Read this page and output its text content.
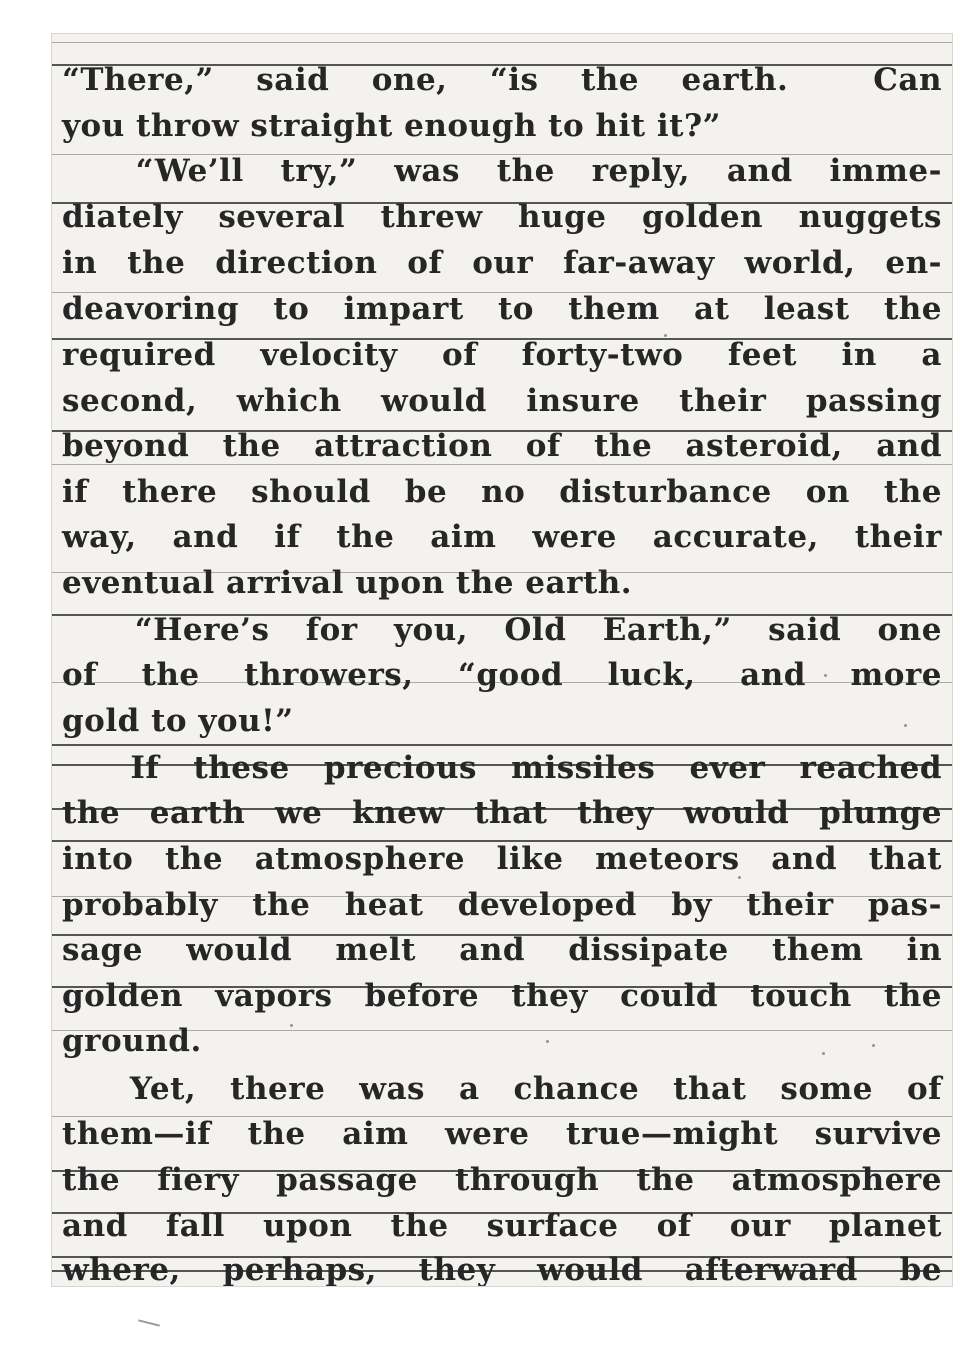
“There,” said one, “is the earth.  Can
you throw straight enough to hit it?”
“We’ll try,” was the reply, and imme-
diately several threw huge golden nuggets
in the direction of our far-away world, en-
deavoring to impart to them at least the
required velocity of forty-two feet in a
second, which would insure their passing
beyond the attraction of the asteroid, and
if there should be no disturbance on the
way, and if the aim were accurate, their
eventual arrival upon the earth.
“Here’s for you, Old Earth,” said one
of the throwers, “good luck, and more
gold to you!”
If these precious missiles ever reached
the earth we knew that they would plunge
into the atmosphere like meteors and that
probably the heat developed by their pas-
sage would melt and dissipate them in
golden vapors before they could touch the
ground.
Yet, there was a chance that some of
them—if the aim were true—might survive
the fiery passage through the atmosphere
and fall upon the surface of our planet
where, perhaps, they would afterward be
